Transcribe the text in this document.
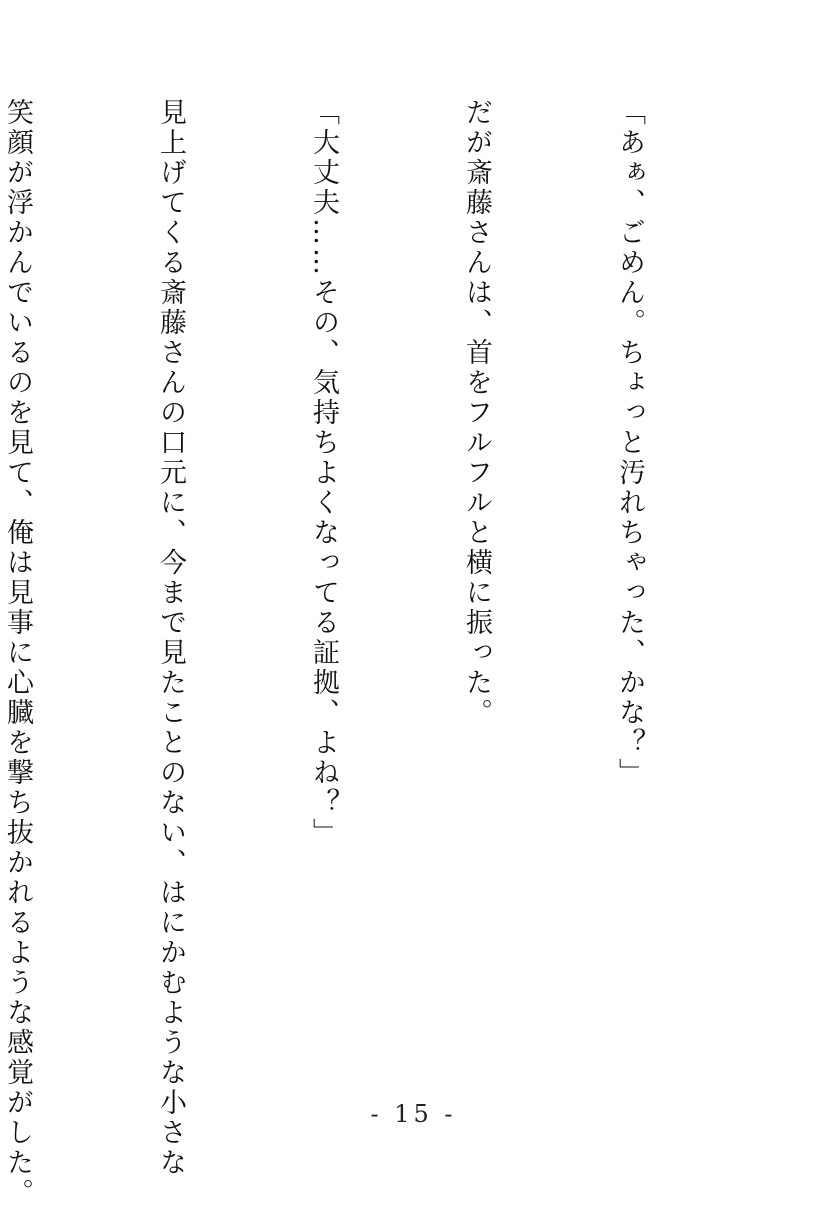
「あぁ、ごめん。ちょっと汚れちゃった、かな？」

だが斎藤さんは、首をフルフルと横に振った。

「大丈夫……その、気持ちよくなってる証拠、よね？」

見上げてくる斎藤さんの口元に、今まで見たことのない、はにかむような小さな

笑顔が浮かんでいるのを見て、俺は見事に心臓を撃ち抜かれるような感覚がした。

	- 15 -
